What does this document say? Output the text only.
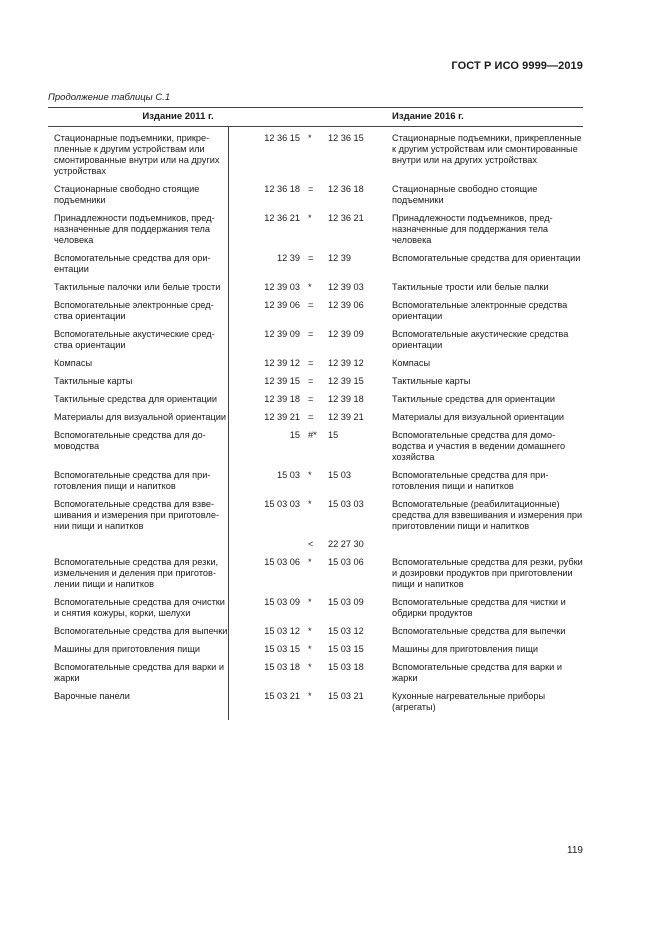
ГОСТ Р ИСО 9999—2019
Продолжение таблицы С.1
Издание 2011 г.				Издание 2016 г.
Стационарные подъемники, прикрепленные к другим устройствам или смонтированные внутри или на других устройствах	12 36 15	*	12 36 15	Стационарные подъемники, прикрепленные к другим устройствам или смонтированные внутри или на других устройствах
Стационарные свободно стоящие подъемники	12 36 18	=	12 36 18	Стационарные свободно стоящие подъемники
Принадлежности подъемников, предназначенные для поддержания тела человека	12 36 21	*	12 36 21	Принадлежности подъемников, предназначенные для поддержания тела человека
Вспомогательные средства для ориентации	12 39	=	12 39	Вспомогательные средства для ориентации
Тактильные палочки или белые трости	12 39 03	*	12 39 03	Тактильные трости или белые палки
Вспомогательные электронные средства ориентации	12 39 06	=	12 39 06	Вспомогательные электронные средства ориентации
Вспомогательные акустические средства ориентации	12 39 09	=	12 39 09	Вспомогательные акустические средства ориентации
Компасы	12 39 12	=	12 39 12	Компасы
Тактильные карты	12 39 15	=	12 39 15	Тактильные карты
Тактильные средства для ориентации	12 39 18	=	12 39 18	Тактильные средства для ориентации
Материалы для визуальной ориентации	12 39 21	=	12 39 21	Материалы для визуальной ориентации
Вспомогательные средства для домоводства	15	#*	15	Вспомогательные средства для домоводства и участия в ведении домашнего хозяйства
Вспомогательные средства для приготовления пищи и напитков	15 03	*	15 03	Вспомогательные средства для приготовления пищи и напитков
Вспомогательные средства для взвешивания и измерения при приготовлении пищи и напитков	15 03 03	*	15 03 03	Вспомогательные (реабилитационные) средства для взвешивания и измерения при приготовлении пищи и напитков
		<	22 27 30	
Вспомогательные средства для резки, измельчения и деления при приготовлении пищи и напитков	15 03 06	*	15 03 06	Вспомогательные средства для резки, рубки и дозировки продуктов при приготовлении пищи и напитков
Вспомогательные средства для очистки и снятия кожуры, корки, шелухи	15 03 09	*	15 03 09	Вспомогательные средства для чистки и обдирки продуктов
Вспомогательные средства для выпечки	15 03 12	*	15 03 12	Вспомогательные средства для выпечки
Машины для приготовления пищи	15 03 15	*	15 03 15	Машины для приготовления пищи
Вспомогательные средства для варки и жарки	15 03 18	*	15 03 18	Вспомогательные средства для варки и жарки
Варочные панели	15 03 21	*	15 03 21	Кухонные нагревательные приборы (агрегаты)
119
